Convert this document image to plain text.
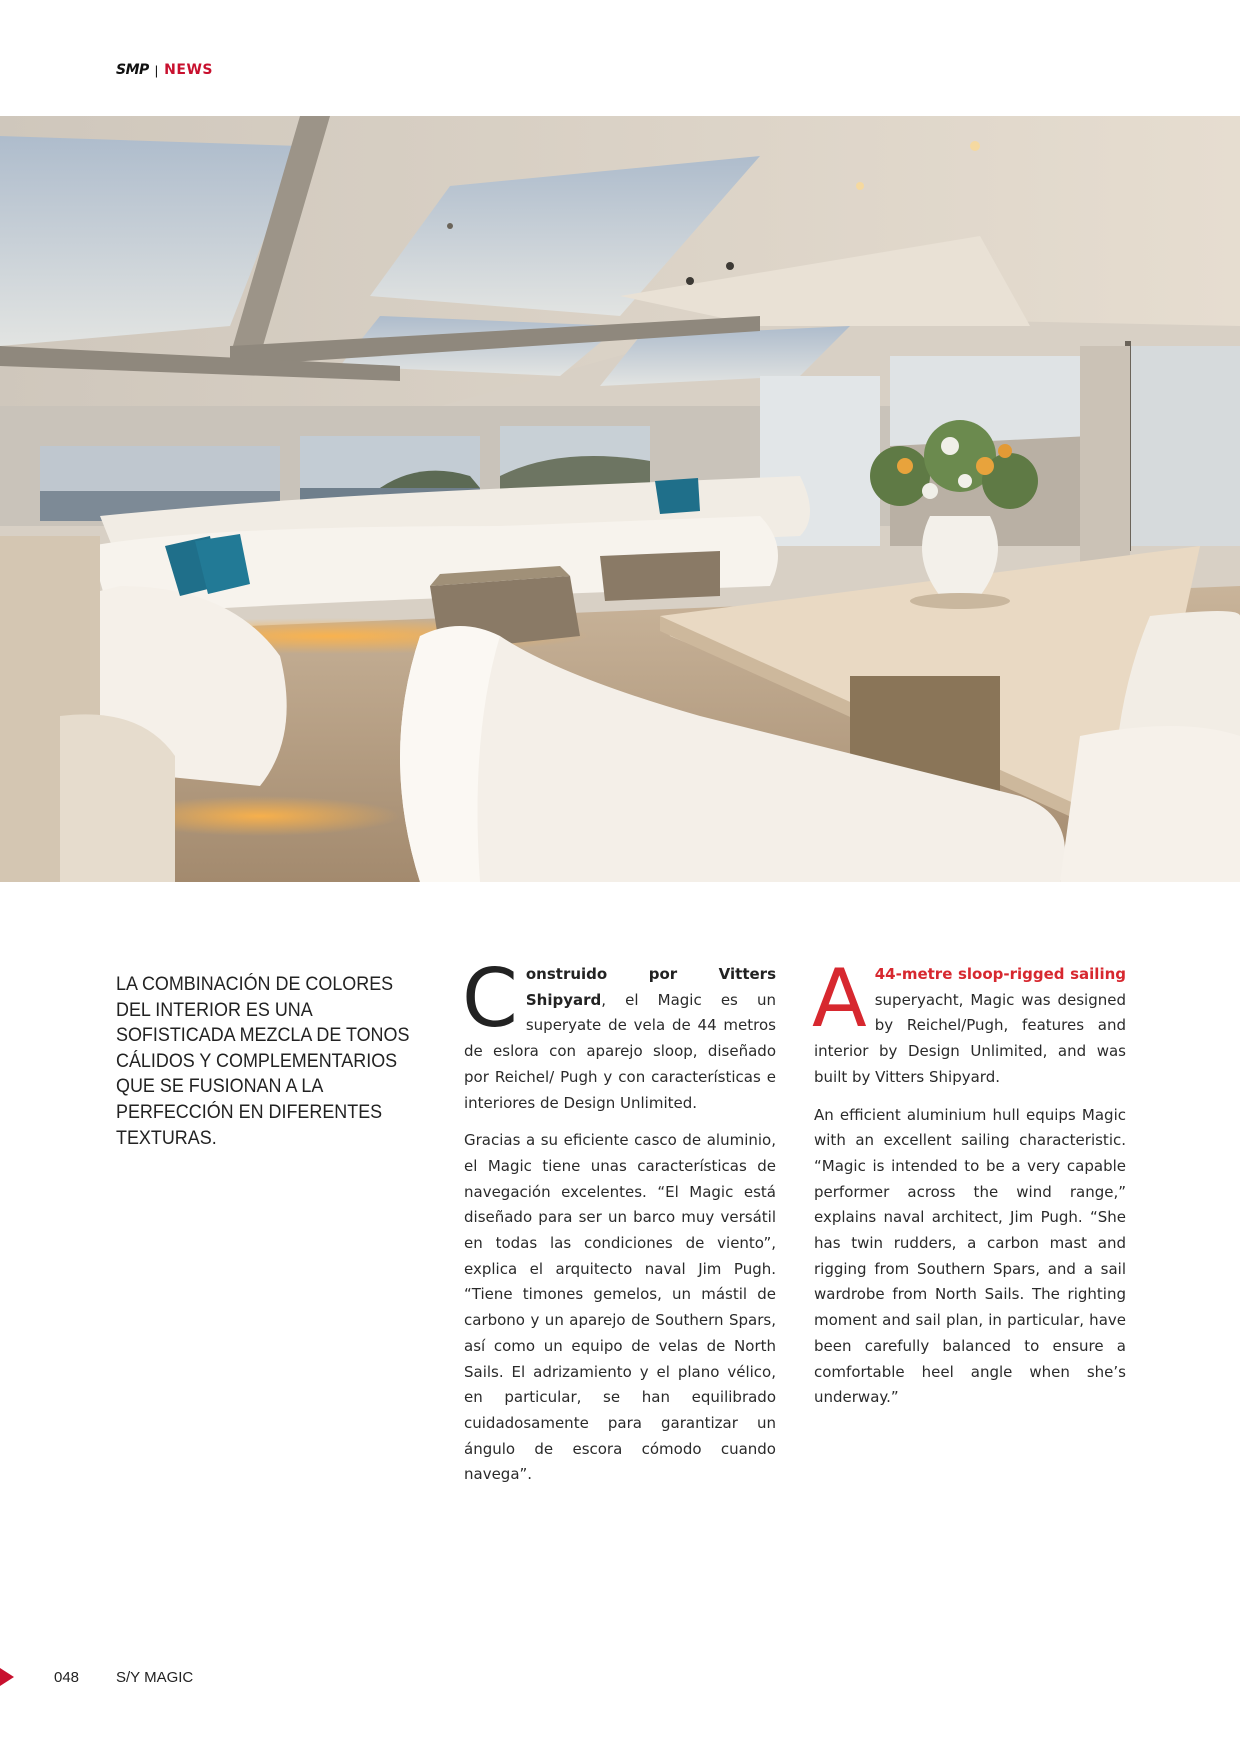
SMP | NEWS
LA COMBINACIÓN DE COLORES DEL INTERIOR ES UNA SOFISTICADA MEZCLA DE TONOS CÁLIDOS Y COMPLEMENTARIOS QUE SE FUSIONAN A LA PERFECCIÓN EN DIFERENTES TEXTURAS.

Construido por Vitters Shipyard, el Magic es un superyate de vela de 44 metros de eslora con aparejo sloop, diseñado por Reichel/ Pugh y con características e interiores de Design Unlimited.

Gracias a su eficiente casco de aluminio, el Magic tiene unas características de navegación excelentes. “El Magic está diseñado para ser un barco muy versátil en todas las condiciones de viento”, explica el arquitecto naval Jim Pugh. “Tiene timones gemelos, un mástil de carbono y un aparejo de Southern Spars, así como un equipo de velas de North Sails. El adrizamiento y el plano vélico, en particular, se han equilibrado cuidadosamente para garantizar un ángulo de escora cómodo cuando navega”.

A 44-metre sloop-rigged sailing superyacht, Magic was designed by Reichel/Pugh, features and interior by Design Unlimited, and was built by Vitters Shipyard.

An efficient aluminium hull equips Magic with an excellent sailing characteristic. “Magic is intended to be a very capable performer across the wind range,” explains naval architect, Jim Pugh. “She has twin rudders, a carbon mast and rigging from Southern Spars, and a sail wardrobe from North Sails. The righting moment and sail plan, in particular, have been carefully balanced to ensure a comfortable heel angle when she’s underway.”

048 S/Y MAGIC
